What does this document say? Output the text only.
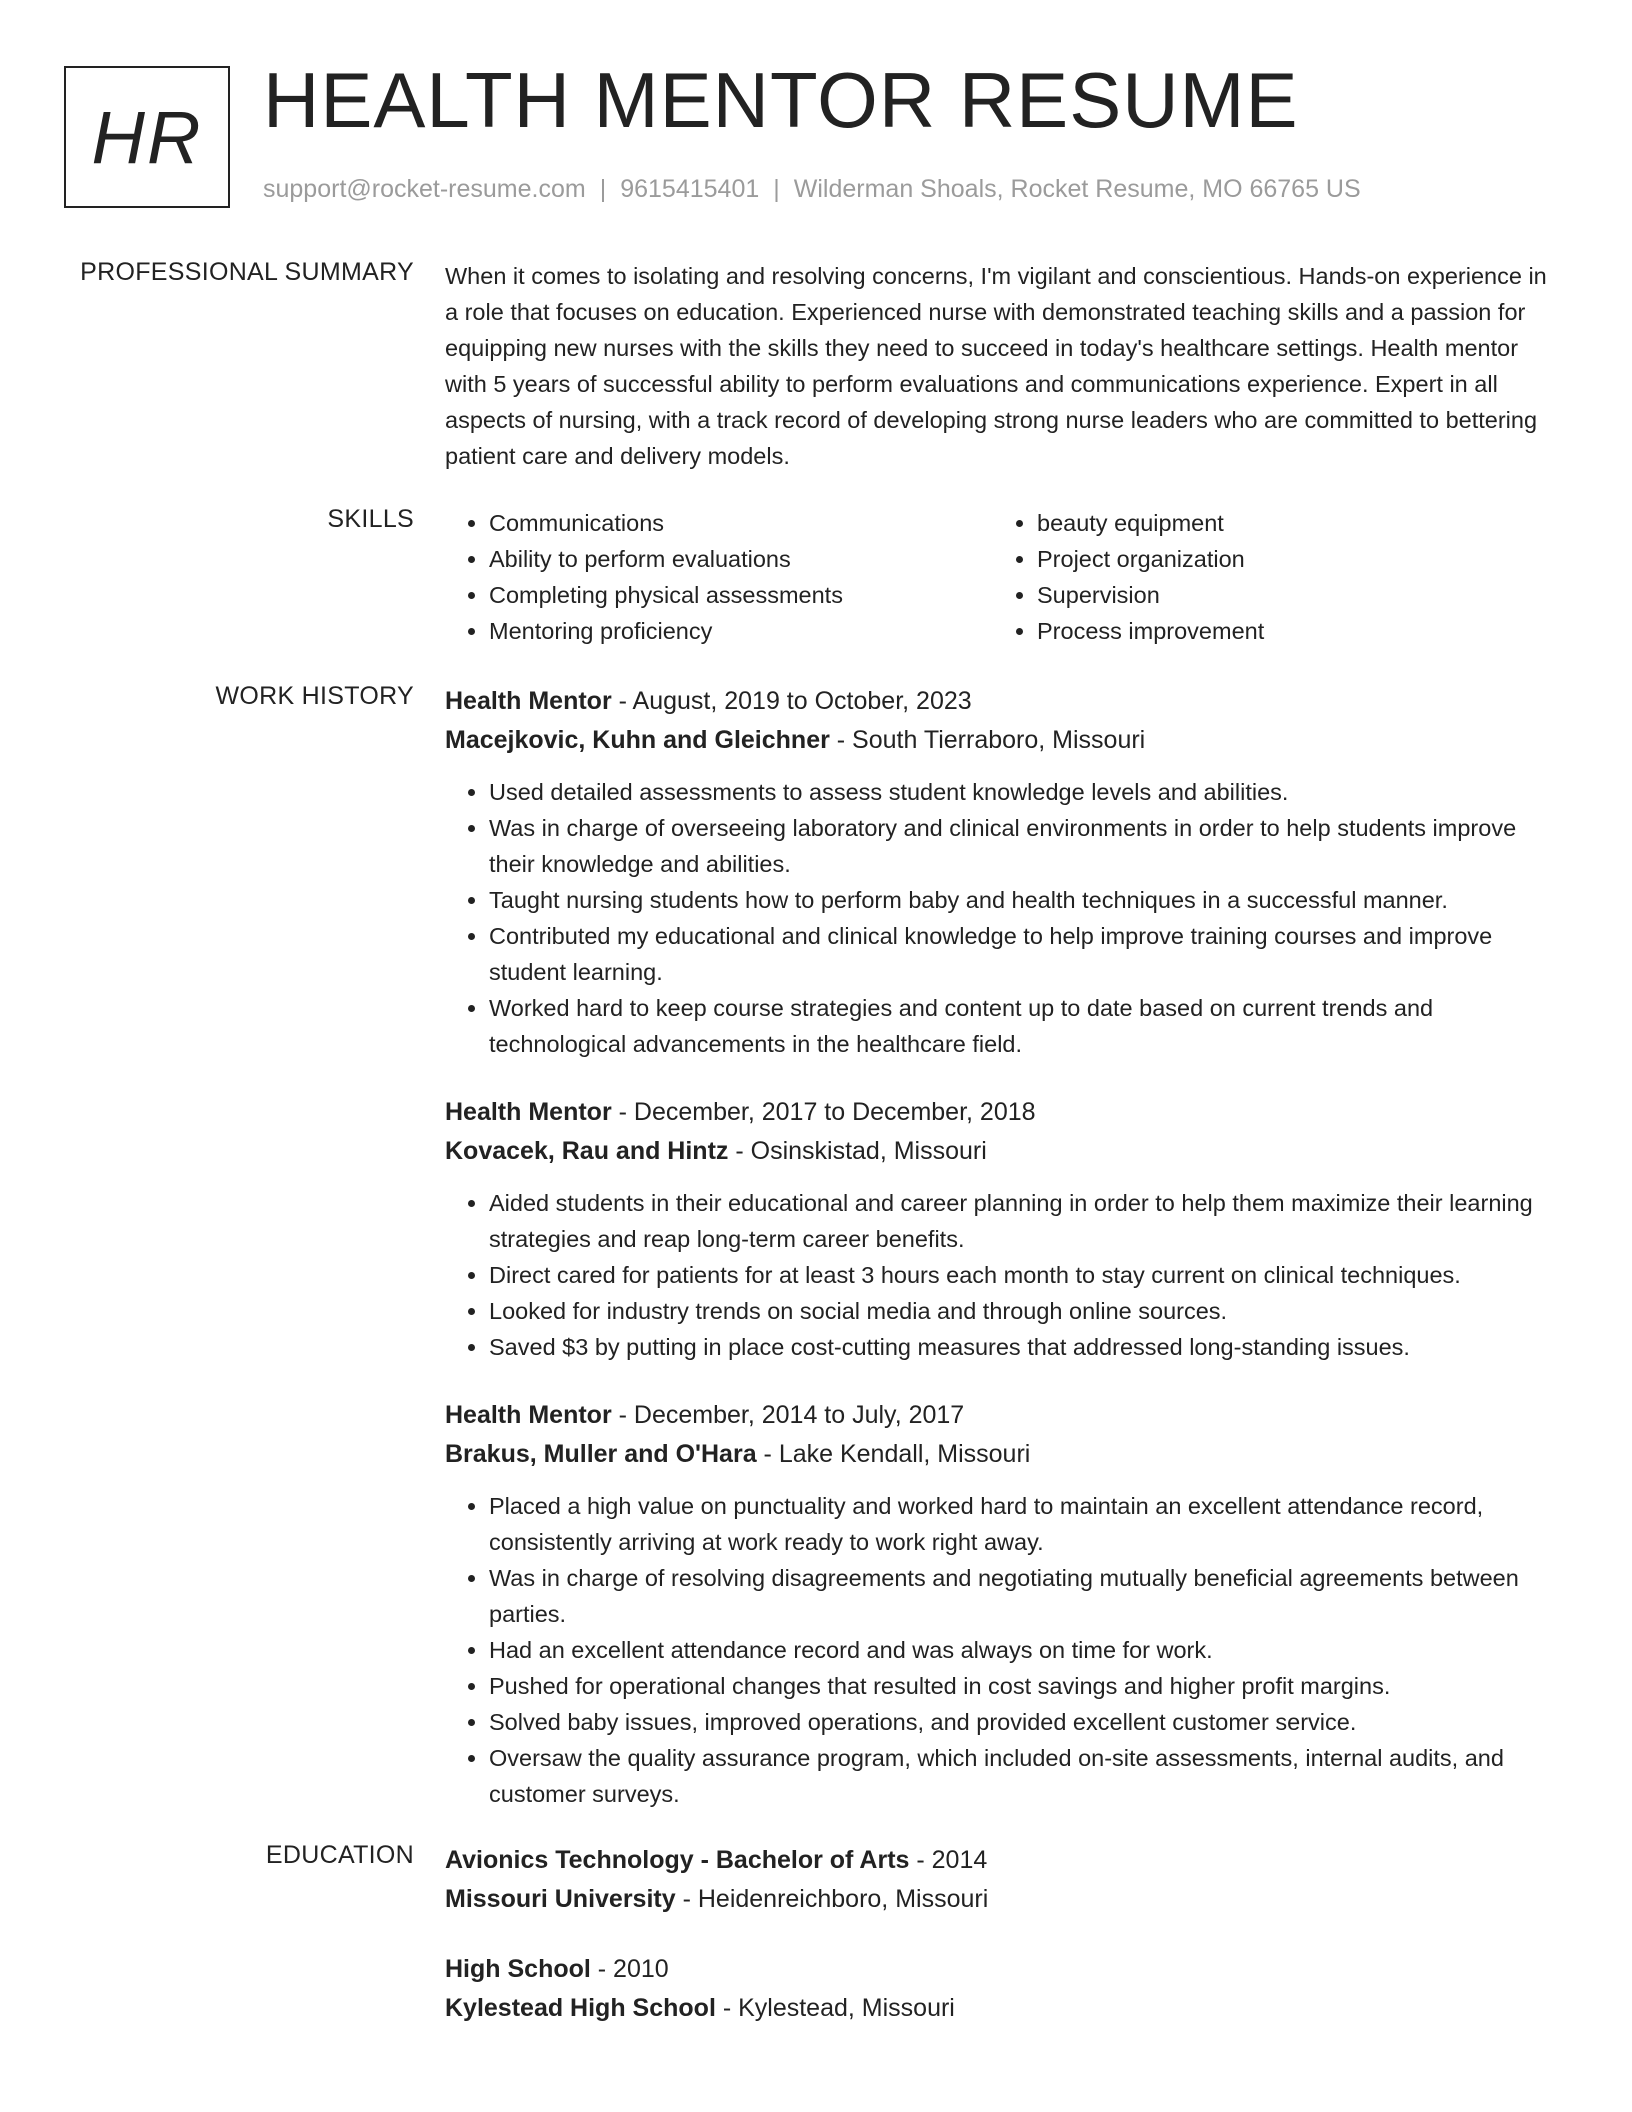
HR HEALTH MENTOR RESUME
support@rocket-resume.com | 9615415401 | Wilderman Shoals, Rocket Resume, MO 66765 US
PROFESSIONAL SUMMARY When it comes to isolating and resolving concerns, I'm vigilant and conscientious. Hands-on experience in a role that focuses on education. Experienced nurse with demonstrated teaching skills and a passion for equipping new nurses with the skills they need to succeed in today's healthcare settings. Health mentor with 5 years of successful ability to perform evaluations and communications experience. Expert in all aspects of nursing, with a track record of developing strong nurse leaders who are committed to bettering patient care and delivery models.

SKILLS
•	Communications
• Ability to perform evaluations
• Completing physical assessments
• Mentoring proficiency
• beauty equipment
• Project organization
• Supervision
• Process improvement
WORK HISTORY Health Mentor - August, 2019 to October, 2023
Macejkovic, Kuhn and Gleichner - South Tierraboro, Missouri
• Used detailed assessments to assess student knowledge levels and abilities.
• Was in charge of overseeing laboratory and clinical environments in order to help students improve their knowledge and abilities.
• Taught nursing students how to perform baby and health techniques in a successful manner.
• Contributed my educational and clinical knowledge to help improve training courses and improve student learning.
• Worked hard to keep course strategies and content up to date based on current trends and technological advancements in the healthcare field.
Health Mentor - December, 2017 to December, 2018
Kovacek, Rau and Hintz - Osinskistad, Missouri
• Aided students in their educational and career planning in order to help them maximize their learning strategies and reap long-term career benefits.
• Direct cared for patients for at least 3 hours each month to stay current on clinical techniques.
• Looked for industry trends on social media and through online sources.
• Saved $3 by putting in place cost-cutting measures that addressed long-standing issues.
Health Mentor - December, 2014 to July, 2017
Brakus, Muller and O'Hara - Lake Kendall, Missouri
• Placed a high value on punctuality and worked hard to maintain an excellent attendance record, consistently arriving at work ready to work right away.
• Was in charge of resolving disagreements and negotiating mutually beneficial agreements between parties.
• Had an excellent attendance record and was always on time for work.
• Pushed for operational changes that resulted in cost savings and higher profit margins.
• Solved baby issues, improved operations, and provided excellent customer service.
• Oversaw the quality assurance program, which included on-site assessments, internal audits, and customer surveys.
EDUCATION Avionics Technology - Bachelor of Arts - 2014
Missouri University - Heidenreichboro, Missouri
High School - 2010
Kylestead High School - Kylestead, Missouri
